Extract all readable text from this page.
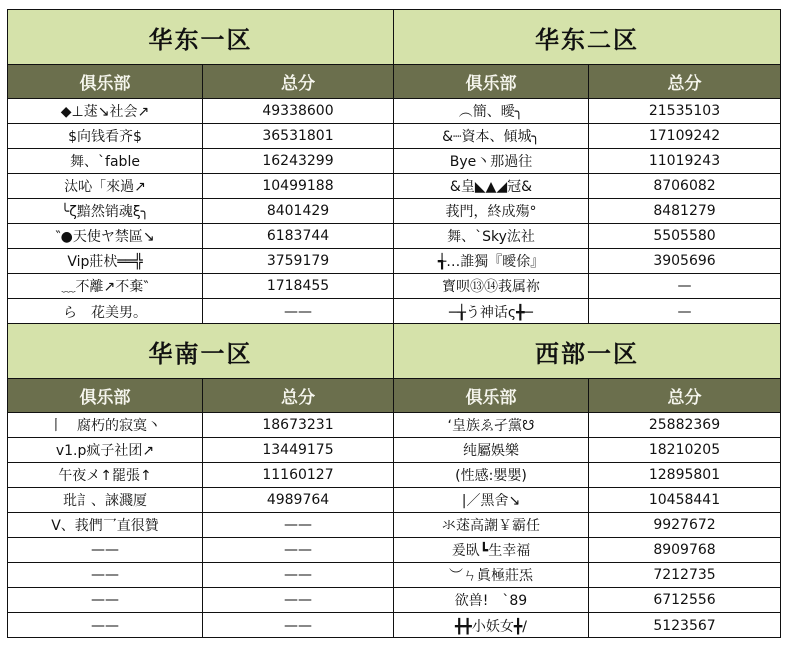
华东一区
俱乐部	总分
◆⊥蒁↘社会↗	49338600
$向钱看齐$	36531801
舞、`fable	16243299
汰吣「來過↗	10499188
╰ζ黯然销魂ξ╮	8401429
‶●天使ヤ禁區↘	6183744
Vip莊枤══╬	3759179
﹏不離↗不棄‶	1718455
ら　花美男。	——
华东二区
俱乐部	总分
︵簡、曖╮	21535103
&┈資本、傾城╮	17109242
Bye丶那過往	11019243
&皇◣▲◢冠&	8706082
莪門，終成殤°	8481279
舞、`Sky汯社	5505580
╅…誰獨『曖俆』	3905696
寳呗⑬⑭莪属祢	—
─╁う神话ς╋─	—
华南一区
俱乐部	总分
丨　腐朽的寂寞丶	18673231
v1.p疯子社团↗	13449175
午夜メ↑罷張↑	11160127
玭訁、誺濺厦	4989764
V、莪們乛直很贊	——
——	——
——	——
——	——
——	——
西部一区
俱乐部	总分
‘皇族ゑ孑黨☋	25882369
纯屬娛樂	18210205
(性感:嬰嬰)	12895801
|／黑舍↘	10458441
氺蒁高謿￥霸任	9927672
爰臥┗生幸福	8909768
︶ㄣ眞極莊炁	7212735
欲兽!　`89	6712556
╋╋小妖女╋/	5123567
